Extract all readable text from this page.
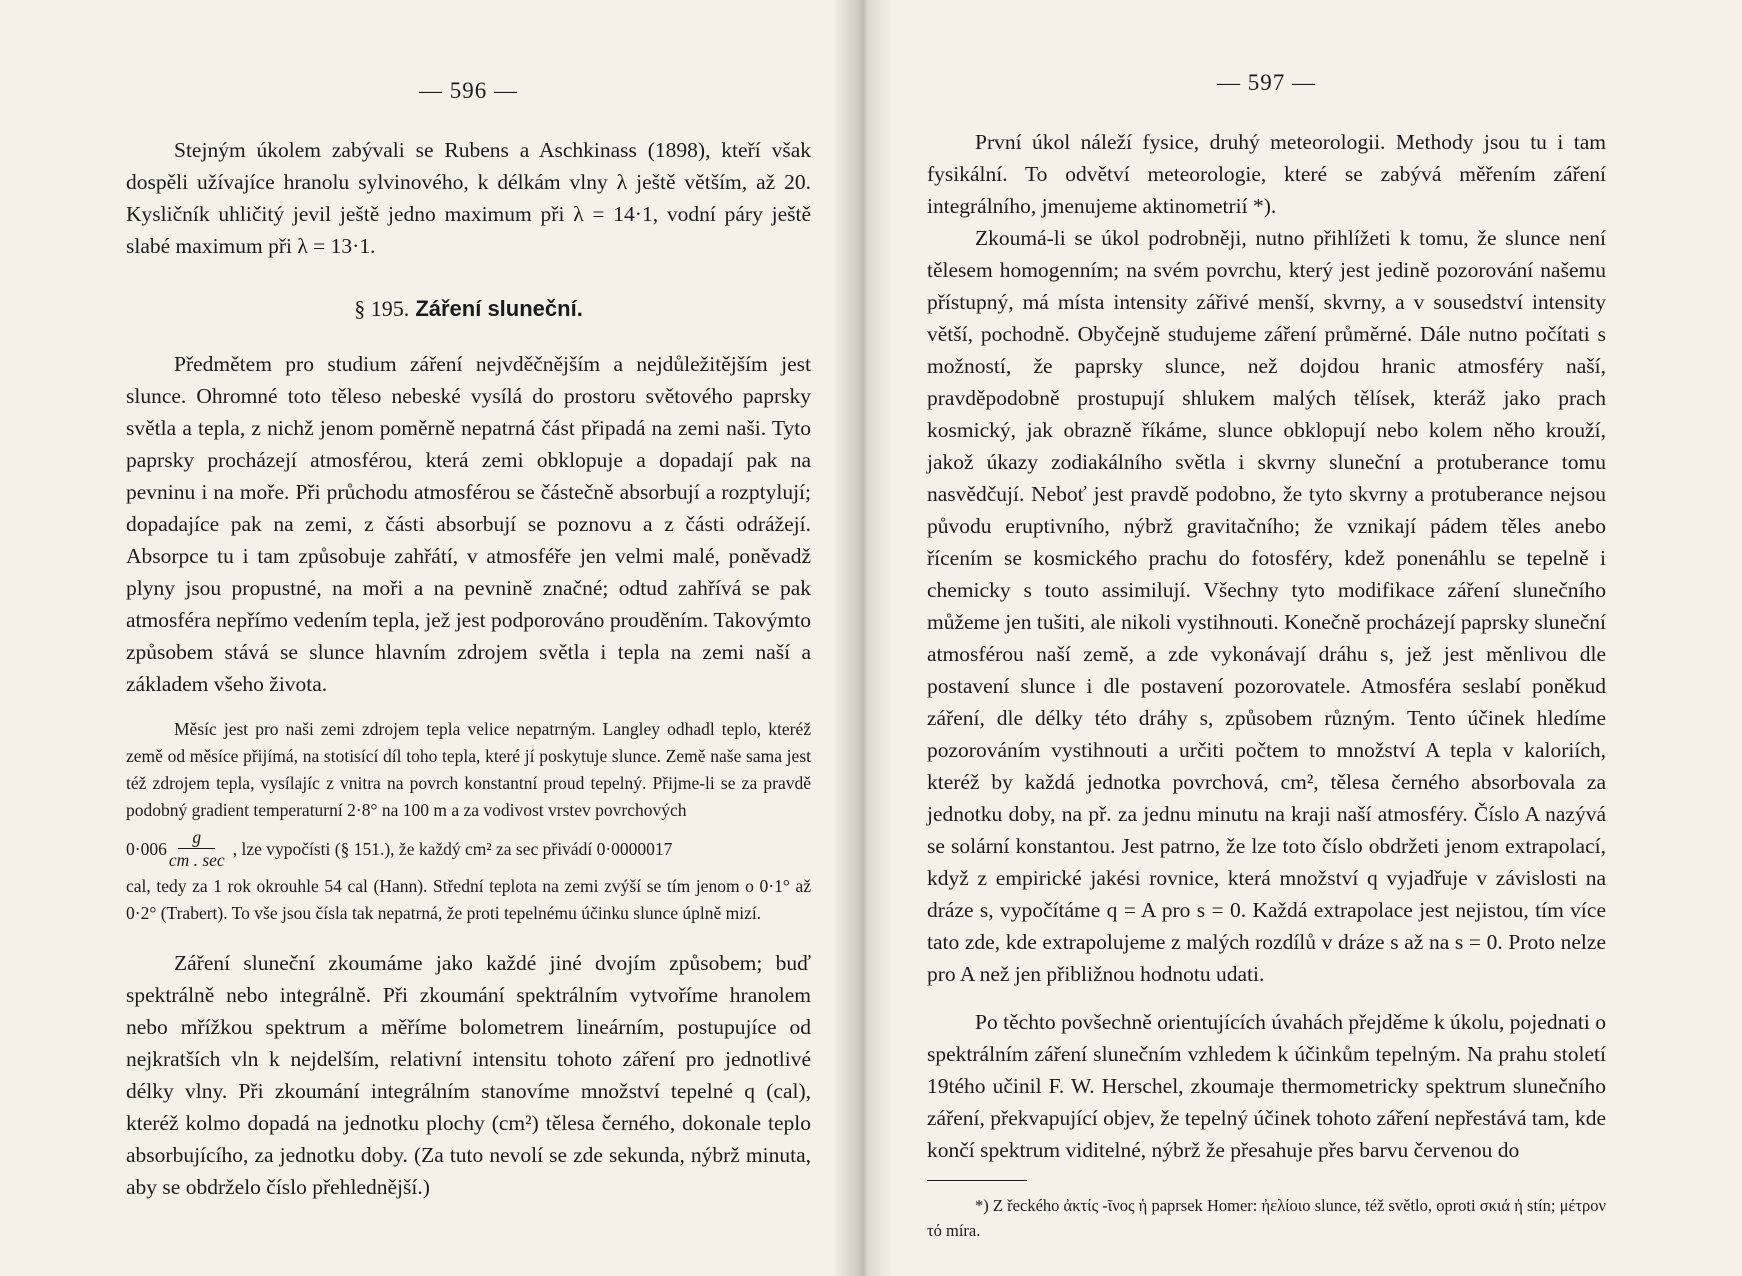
— 596 —

Stejným úkolem zabývali se Rubens a Aschkinass (1898), kteří však dospěli užívajíce hranolu sylvinového, k délkám vlny λ ještě větším, až 20. Kysličník uhličitý jevil ještě jedno maximum při λ = 14·1, vodní páry ještě slabé maximum při λ = 13·1.

§ 195. Záření sluneční.

Předmětem pro studium záření nejvděčnějším a nejdůležitějším jest slunce. Ohromné toto těleso nebeské vysílá do prostoru světového paprsky světla a tepla, z nichž jenom poměrně nepatrná část připadá na zemi naši. Tyto paprsky procházejí atmosférou, která zemi obklopuje a dopadají pak na pevninu i na moře. Při průchodu atmosférou se částečně absorbují a rozptylují; dopadajíce pak na zemi, z části absorbují se poznovu a z části odrážejí. Absorpce tu i tam způsobuje zahřátí, v atmosféře jen velmi malé, poněvadž plyny jsou propustné, na moři a na pevnině značné; odtud zahřívá se pak atmosféra nepřímo vedením tepla, jež jest podporováno prouděním. Takovýmto způsobem stává se slunce hlavním zdrojem světla i tepla na zemi naší a základem všeho života.

Měsíc jest pro naši zemi zdrojem tepla velice nepatrným. Langley odhadl teplo, kteréž země od měsíce přijímá, na stotisící díl toho tepla, které jí poskytuje slunce. Země naše sama jest též zdrojem tepla, vysílajíc z vnitra na povrch konstantní proud tepelný. Přijme-li se za pravdě podobný gradient temperaturní 2·8° na 100 m a za vodivost vrstev povrchových

$0\cdot 006 \frac{g}{cm . \sec}$ , lze vypočísti (§ 151.), že každý cm² za sec přivádí 0·0000017

cal, tedy za 1 rok okrouhle 54 cal (Hann). Střední teplota na zemi zvýší se tím jenom o 0·1° až 0·2° (Trabert). To vše jsou čísla tak nepatrná, že proti tepelnému účinku slunce úplně mizí.

Záření sluneční zkoumáme jako každé jiné dvojím způsobem; buď spektrálně nebo integrálně. Při zkoumání spektrálním vytvoříme hranolem nebo mřížkou spektrum a měříme bolometrem lineárním, postupujíce od nejkratších vln k nejdelším, relativní intensitu tohoto záření pro jednotlivé délky vlny. Při zkoumání integrálním stanovíme množství tepelné q (cal), kteréž kolmo dopadá na jednotku plochy (cm²) tělesa černého, dokonale teplo absorbujícího, za jednotku doby. (Za tuto nevolí se zde sekunda, nýbrž minuta, aby se obdrželo číslo přehlednější.)

— 597 —

První úkol náleží fysice, druhý meteorologii. Methody jsou tu i tam fysikální. To odvětví meteorologie, které se zabývá měřením záření integrálního, jmenujeme aktinometrií *).

Zkoumá-li se úkol podrobněji, nutno přihlížeti k tomu, že slunce není tělesem homogenním; na svém povrchu, který jest jedině pozorování našemu přístupný, má místa intensity zářivé menší, skvrny, a v sousedství intensity větší, pochodně. Obyčejně studujeme záření průměrné. Dále nutno počítati s možností, že paprsky slunce, než dojdou hranic atmosféry naší, pravděpodobně prostupují shlukem malých tělísek, kteráž jako prach kosmický, jak obrazně říkáme, slunce obklopují nebo kolem něho krouží, jakož úkazy zodiakálního světla i skvrny sluneční a protuberance tomu nasvědčují. Neboť jest pravdě podobno, že tyto skvrny a protuberance nejsou původu eruptivního, nýbrž gravitačního; že vznikají pádem těles anebo řícením se kosmického prachu do fotosféry, kdež ponenáhlu se tepelně i chemicky s touto assimilují. Všechny tyto modifikace záření slunečního můžeme jen tušiti, ale nikoli vystihnouti. Konečně procházejí paprsky sluneční atmosférou naší země, a zde vykonávají dráhu s, jež jest měnlivou dle postavení slunce i dle postavení pozorovatele. Atmosféra seslabí poněkud záření, dle délky této dráhy s, způsobem různým. Tento účinek hledíme pozorováním vystihnouti a určiti počtem to množství A tepla v kaloriích, kteréž by každá jednotka povrchová, cm², tělesa černého absorbovala za jednotku doby, na př. za jednu minutu na kraji naší atmosféry. Číslo A nazývá se solární konstantou. Jest patrno, že lze toto číslo obdržeti jenom extrapolací, když z empirické jakési rovnice, která množství q vyjadřuje v závislosti na dráze s, vypočítáme q = A pro s = 0. Každá extrapolace jest nejistou, tím více tato zde, kde extrapolujeme z malých rozdílů v dráze s až na s = 0. Proto nelze pro A než jen přibližnou hodnotu udati.

Po těchto povšechně orientujících úvahách přejděme k úkolu, pojednati o spektrálním záření slunečním vzhledem k účinkům tepelným. Na prahu století 19tého učinil F. W. Herschel, zkoumaje thermometricky spektrum slunečního záření, překvapující objev, že tepelný účinek tohoto záření nepřestává tam, kde končí spektrum viditelné, nýbrž že přesahuje přes barvu červenou do

*) Z řeckého ἀκτίς -ῖνος ἡ paprsek Homer: ἠελίοιο slunce, též světlo, oproti σκιά ἡ stín; μέτρον τό míra.
